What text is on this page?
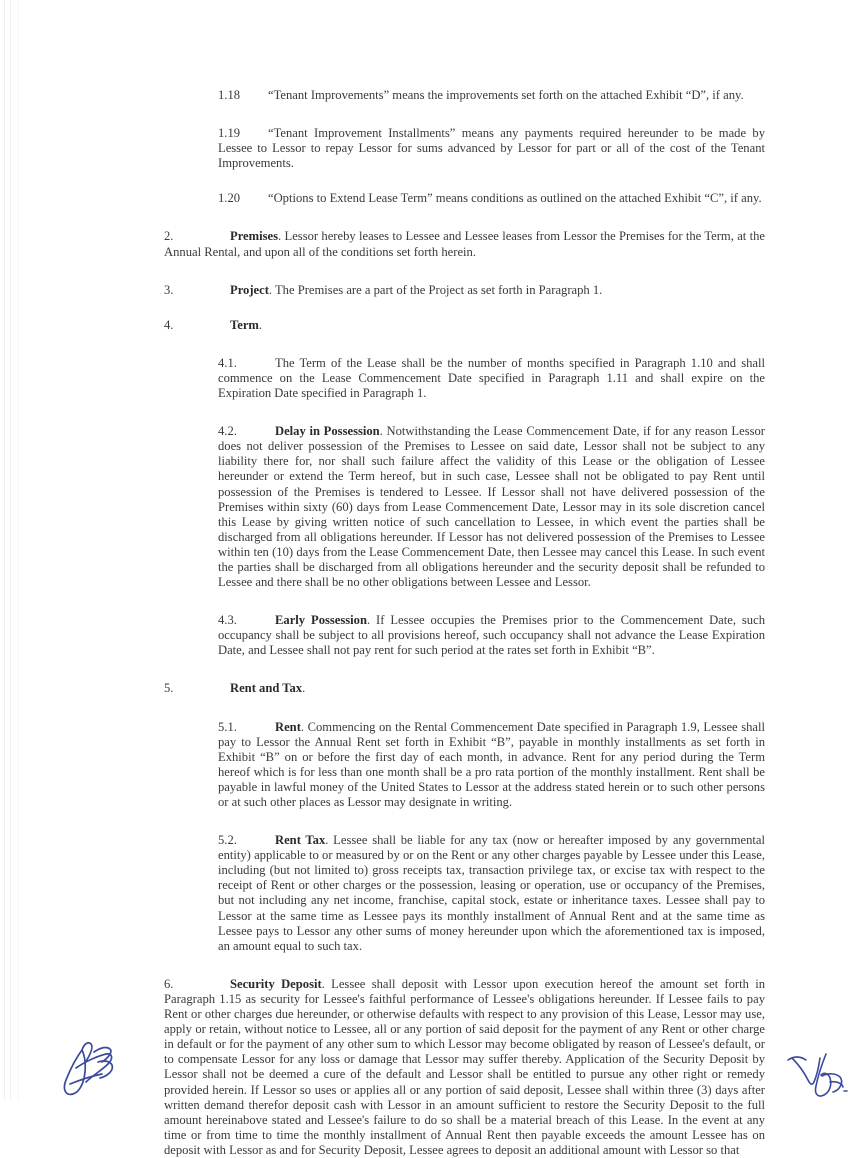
1.18 “Tenant Improvements” means the improvements set forth on the attached Exhibit “D”, if any.

1.19 “Tenant Improvement Installments” means any payments required hereunder to be made by Lessee to Lessor to repay Lessor for sums advanced by Lessor for part or all of the cost of the Tenant Improvements.

1.20 “Options to Extend Lease Term” means conditions as outlined on the attached Exhibit “C”, if any.

2.	Premises. Lessor hereby leases to Lessee and Lessee leases from Lessor the Premises for the Term, at the Annual Rental, and upon all of the conditions set forth herein.

3.	Project. The Premises are a part of the Project as set forth in Paragraph 1.

4.	Term.

4.1.	The Term of the Lease shall be the number of months specified in Paragraph 1.10 and shall commence on the Lease Commencement Date specified in Paragraph 1.11 and shall expire on the Expiration Date specified in Paragraph 1.

4.2.	Delay in Possession. Notwithstanding the Lease Commencement Date, if for any reason Lessor does not deliver possession of the Premises to Lessee on said date, Lessor shall not be subject to any liability there for, nor shall such failure affect the validity of this Lease or the obligation of Lessee hereunder or extend the Term hereof, but in such case, Lessee shall not be obligated to pay Rent until possession of the Premises is tendered to Lessee. If Lessor shall not have delivered possession of the Premises within sixty (60) days from Lease Commencement Date, Lessor may in its sole discretion cancel this Lease by giving written notice of such cancellation to Lessee, in which event the parties shall be discharged from all obligations hereunder. If Lessor has not delivered possession of the Premises to Lessee within ten (10) days from the Lease Commencement Date, then Lessee may cancel this Lease. In such event the parties shall be discharged from all obligations hereunder and the security deposit shall be refunded to Lessee and there shall be no other obligations between Lessee and Lessor.

4.3.	Early Possession. If Lessee occupies the Premises prior to the Commencement Date, such occupancy shall be subject to all provisions hereof, such occupancy shall not advance the Lease Expiration Date, and Lessee shall not pay rent for such period at the rates set forth in Exhibit “B”.

5.	Rent and Tax.

5.1.	Rent. Commencing on the Rental Commencement Date specified in Paragraph 1.9, Lessee shall pay to Lessor the Annual Rent set forth in Exhibit “B”, payable in monthly installments as set forth in Exhibit “B” on or before the first day of each month, in advance. Rent for any period during the Term hereof which is for less than one month shall be a pro rata portion of the monthly installment. Rent shall be payable in lawful money of the United States to Lessor at the address stated herein or to such other persons or at such other places as Lessor may designate in writing.

5.2.	Rent Tax. Lessee shall be liable for any tax (now or hereafter imposed by any governmental entity) applicable to or measured by or on the Rent or any other charges payable by Lessee under this Lease, including (but not limited to) gross receipts tax, transaction privilege tax, or excise tax with respect to the receipt of Rent or other charges or the possession, leasing or operation, use or occupancy of the Premises, but not including any net income, franchise, capital stock, estate or inheritance taxes. Lessee shall pay to Lessor at the same time as Lessee pays its monthly installment of Annual Rent and at the same time as Lessee pays to Lessor any other sums of money hereunder upon which the aforementioned tax is imposed, an amount equal to such tax.

6.	Security Deposit. Lessee shall deposit with Lessor upon execution hereof the amount set forth in Paragraph 1.15 as security for Lessee's faithful performance of Lessee's obligations hereunder. If Lessee fails to pay Rent or other charges due hereunder, or otherwise defaults with respect to any provision of this Lease, Lessor may use, apply or retain, without notice to Lessee, all or any portion of said deposit for the payment of any Rent or other charge in default or for the payment of any other sum to which Lessor may become obligated by reason of Lessee's default, or to compensate Lessor for any loss or damage that Lessor may suffer thereby. Application of the Security Deposit by Lessor shall not be deemed a cure of the default and Lessor shall be entitled to pursue any other right or remedy provided herein. If Lessor so uses or applies all or any portion of said deposit, Lessee shall within three (3) days after written demand therefor deposit cash with Lessor in an amount sufficient to restore the Security Deposit to the full amount hereinabove stated and Lessee's failure to do so shall be a material breach of this Lease. In the event at any time or from time to time the monthly installment of Annual Rent then payable exceeds the amount Lessee has on deposit with Lessor as and for Security Deposit, Lessee agrees to deposit an additional amount with Lessor so that
